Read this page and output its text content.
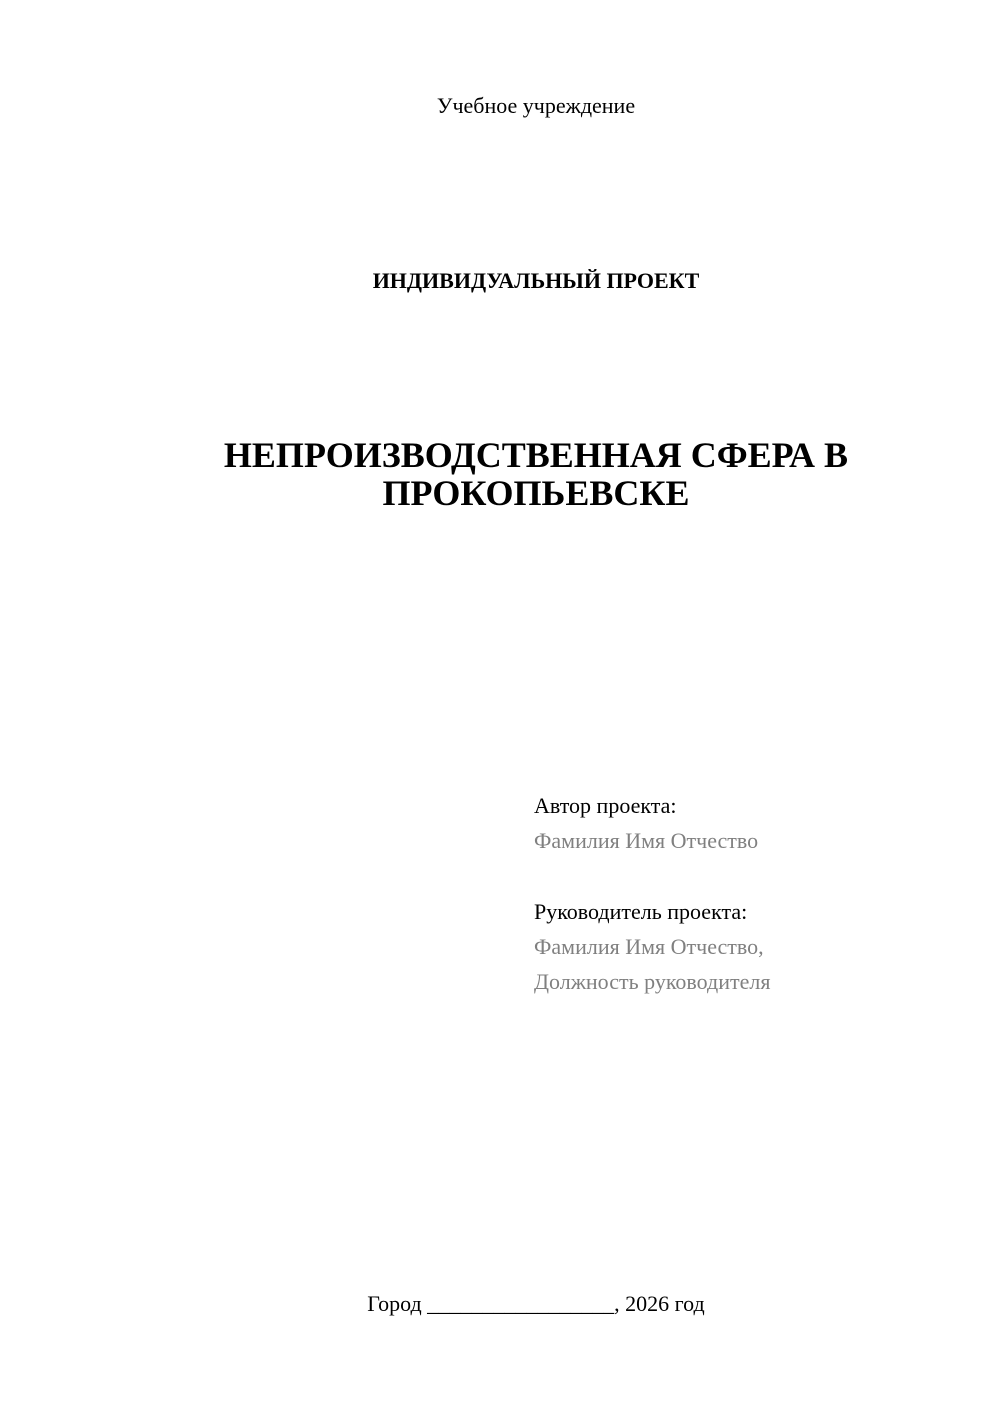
Учебное учреждение
ИНДИВИДУАЛЬНЫЙ ПРОЕКТ
НЕПРОИЗВОДСТВЕННАЯ СФЕРА В
ПРОКОПЬЕВСКЕ
Автор проекта:
Фамилия Имя Отчество
Руководитель проекта:
Фамилия Имя Отчество,
Должность руководителя
Город _________________, 2026 год
